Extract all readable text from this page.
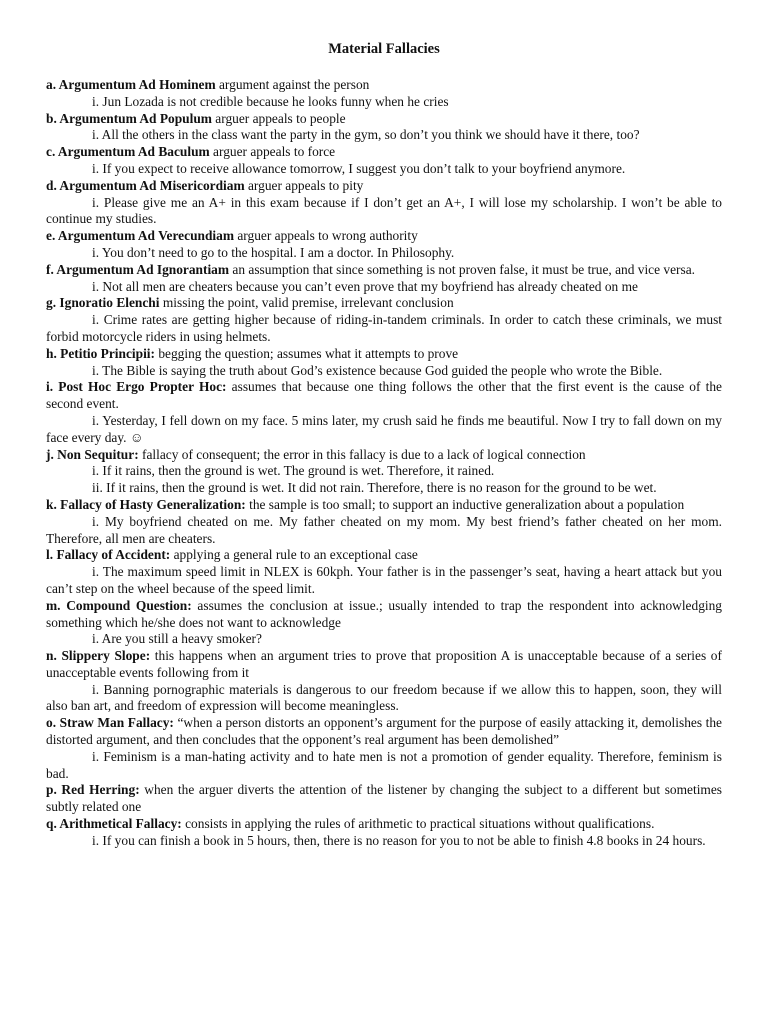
Material Fallacies
a. Argumentum Ad Hominem argument against the person
i. Jun Lozada is not credible because he looks funny when he cries
b. Argumentum Ad Populum arguer appeals to people
i. All the others in the class want the party in the gym, so don’t you think we should have it there, too?
c. Argumentum Ad Baculum arguer appeals to force
i. If you expect to receive allowance tomorrow, I suggest you don’t talk to your boyfriend anymore.
d. Argumentum Ad Misericordiam arguer appeals to pity
i. Please give me an A+ in this exam because if I don’t get an A+, I will lose my scholarship. I won’t be able to continue my studies.
e. Argumentum Ad Verecundiam arguer appeals to wrong authority
i. You don’t need to go to the hospital. I am a doctor. In Philosophy.
f. Argumentum Ad Ignorantiam an assumption that since something is not proven false, it must be true, and vice versa.
i. Not all men are cheaters because you can’t even prove that my boyfriend has already cheated on me
g. Ignoratio Elenchi missing the point, valid premise, irrelevant conclusion
i. Crime rates are getting higher because of riding-in-tandem criminals. In order to catch these criminals, we must forbid motorcycle riders in using helmets.
h. Petitio Principii: begging the question; assumes what it attempts to prove
i. The Bible is saying the truth about God’s existence because God guided the people who wrote the Bible.
i. Post Hoc Ergo Propter Hoc: assumes that because one thing follows the other that the first event is the cause of the second event.
i. Yesterday, I fell down on my face. 5 mins later, my crush said he finds me beautiful. Now I try to fall down on my face every day. ☺
j. Non Sequitur: fallacy of consequent; the error in this fallacy is due to a lack of logical connection
i. If it rains, then the ground is wet. The ground is wet. Therefore, it rained.
ii. If it rains, then the ground is wet. It did not rain. Therefore, there is no reason for the ground to be wet.
k. Fallacy of Hasty Generalization: the sample is too small; to support an inductive generalization about a population
i. My boyfriend cheated on me. My father cheated on my mom. My best friend’s father cheated on her mom. Therefore, all men are cheaters.
l. Fallacy of Accident: applying a general rule to an exceptional case
i. The maximum speed limit in NLEX is 60kph. Your father is in the passenger’s seat, having a heart attack but you can’t step on the wheel because of the speed limit.
m. Compound Question: assumes the conclusion at issue.; usually intended to trap the respondent into acknowledging something which he/she does not want to acknowledge
i. Are you still a heavy smoker?
n. Slippery Slope: this happens when an argument tries to prove that proposition A is unacceptable because of a series of unacceptable events following from it
i. Banning pornographic materials is dangerous to our freedom because if we allow this to happen, soon, they will also ban art, and freedom of expression will become meaningless.
o. Straw Man Fallacy: “when a person distorts an opponent’s argument for the purpose of easily attacking it, demolishes the distorted argument, and then concludes that the opponent’s real argument has been demolished”
i. Feminism is a man-hating activity and to hate men is not a promotion of gender equality. Therefore, feminism is bad.
p. Red Herring: when the arguer diverts the attention of the listener by changing the subject to a different but sometimes subtly related one
q. Arithmetical Fallacy: consists in applying the rules of arithmetic to practical situations without qualifications.
i. If you can finish a book in 5 hours, then, there is no reason for you to not be able to finish 4.8 books in 24 hours.
